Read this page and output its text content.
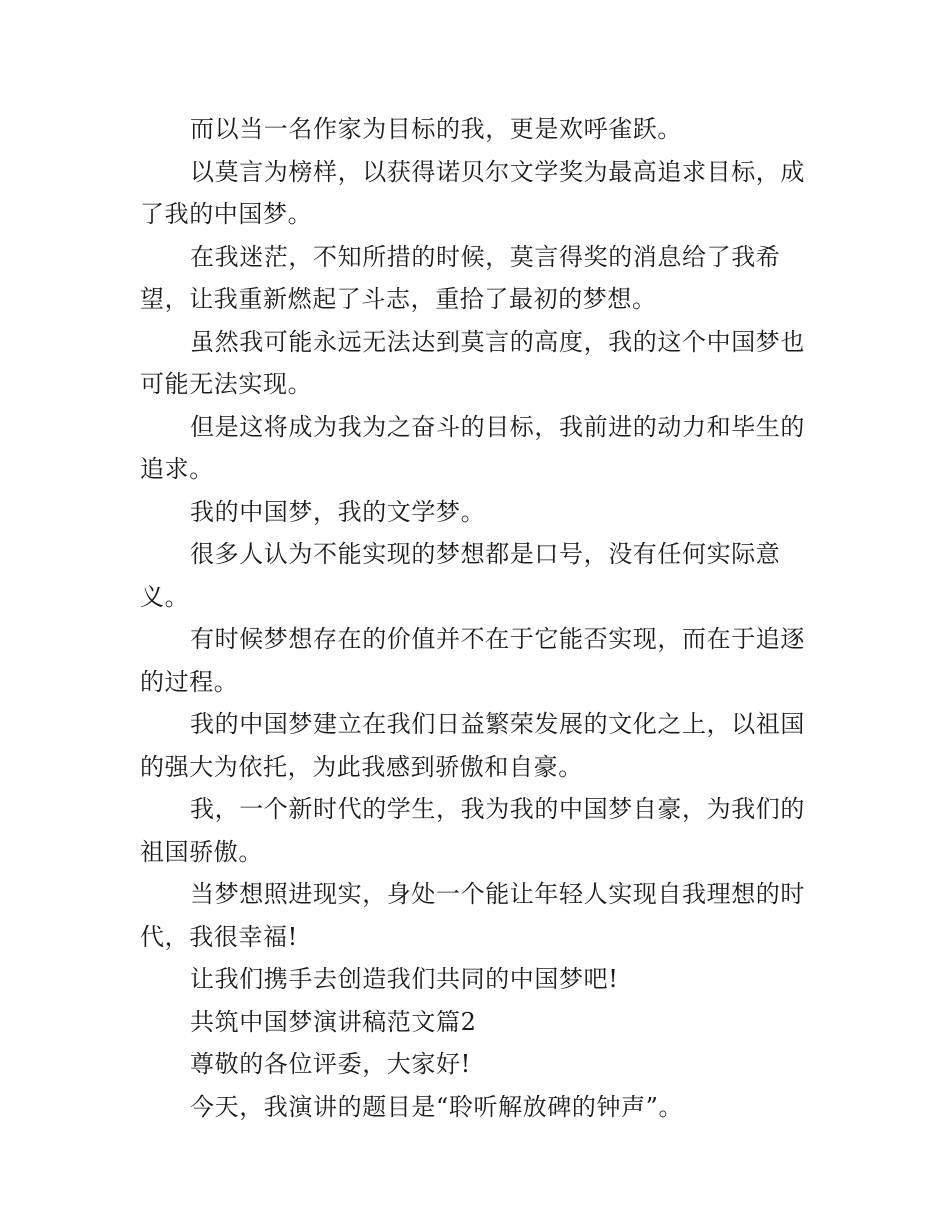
而以当一名作家为目标的我，更是欢呼雀跃。

以莫言为榜样，以获得诺贝尔文学奖为最高追求目标，成了我的中国梦。

在我迷茫，不知所措的时候，莫言得奖的消息给了我希望，让我重新燃起了斗志，重拾了最初的梦想。

虽然我可能永远无法达到莫言的高度，我的这个中国梦也可能无法实现。

但是这将成为我为之奋斗的目标，我前进的动力和毕生的追求。

我的中国梦，我的文学梦。

很多人认为不能实现的梦想都是口号，没有任何实际意义。

有时候梦想存在的价值并不在于它能否实现，而在于追逐的过程。

我的中国梦建立在我们日益繁荣发展的文化之上，以祖国的强大为依托，为此我感到骄傲和自豪。

我，一个新时代的学生，我为我的中国梦自豪，为我们的祖国骄傲。

当梦想照进现实，身处一个能让年轻人实现自我理想的时代，我很幸福!

让我们携手去创造我们共同的中国梦吧!

共筑中国梦演讲稿范文篇2

尊敬的各位评委，大家好!

今天，我演讲的题目是“聆听解放碑的钟声”。
